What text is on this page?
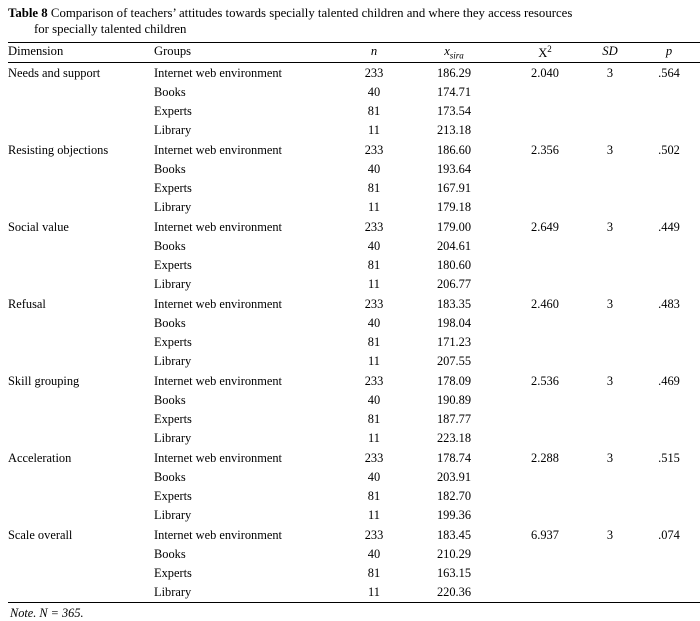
Table 8 Comparison of teachers’ attitudes towards specially talented children and where they access resources
for specially talented children

Dimension	Groups	n	$x_{sira}$	$X^2$	SD	p
Needs and support	Internet web environment	233	186.29	2.040	3	.564
	Books	40	174.71			
	Experts	81	173.54			
	Library	11	213.18			
Resisting objections	Internet web environment	233	186.60	2.356	3	.502
	Books	40	193.64			
	Experts	81	167.91			
	Library	11	179.18			
Social value	Internet web environment	233	179.00	2.649	3	.449
	Books	40	204.61			
	Experts	81	180.60			
	Library	11	206.77			
Refusal	Internet web environment	233	183.35	2.460	3	.483
	Books	40	198.04			
	Experts	81	171.23			
	Library	11	207.55			
Skill grouping	Internet web environment	233	178.09	2.536	3	.469
	Books	40	190.89			
	Experts	81	187.77			
	Library	11	223.18			
Acceleration	Internet web environment	233	178.74	2.288	3	.515
	Books	40	203.91			
	Experts	81	182.70			
	Library	11	199.36			
Scale overall	Internet web environment	233	183.45	6.937	3	.074
	Books	40	210.29			
	Experts	81	163.15			
	Library	11	220.36			
Note. N = 365.
